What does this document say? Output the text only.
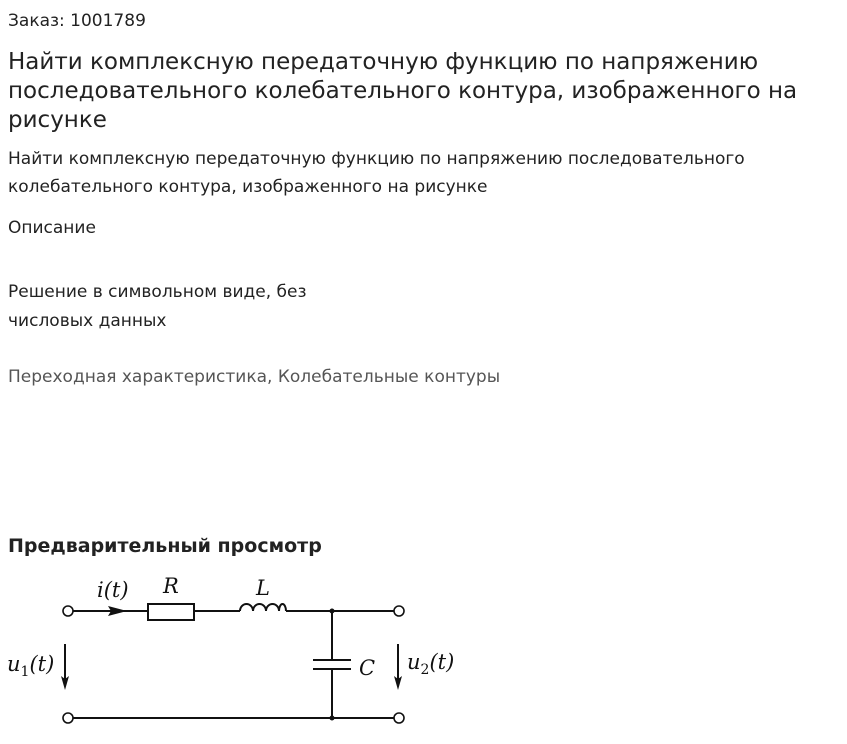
Заказ: 1001789
Найти комплексную передаточную функцию по напряжению последовательного колебательного контура, изображенного на рисунке
Найти комплексную передаточную функцию по напряжению последовательного колебательного контура, изображенного на рисунке
Описание
Решение в символьном виде, без числовых данных
Переходная характеристика, Колебательные контуры
Предварительный просмотр
i(t) R	L
C
$u_1(t)$	$u_2(t)$
